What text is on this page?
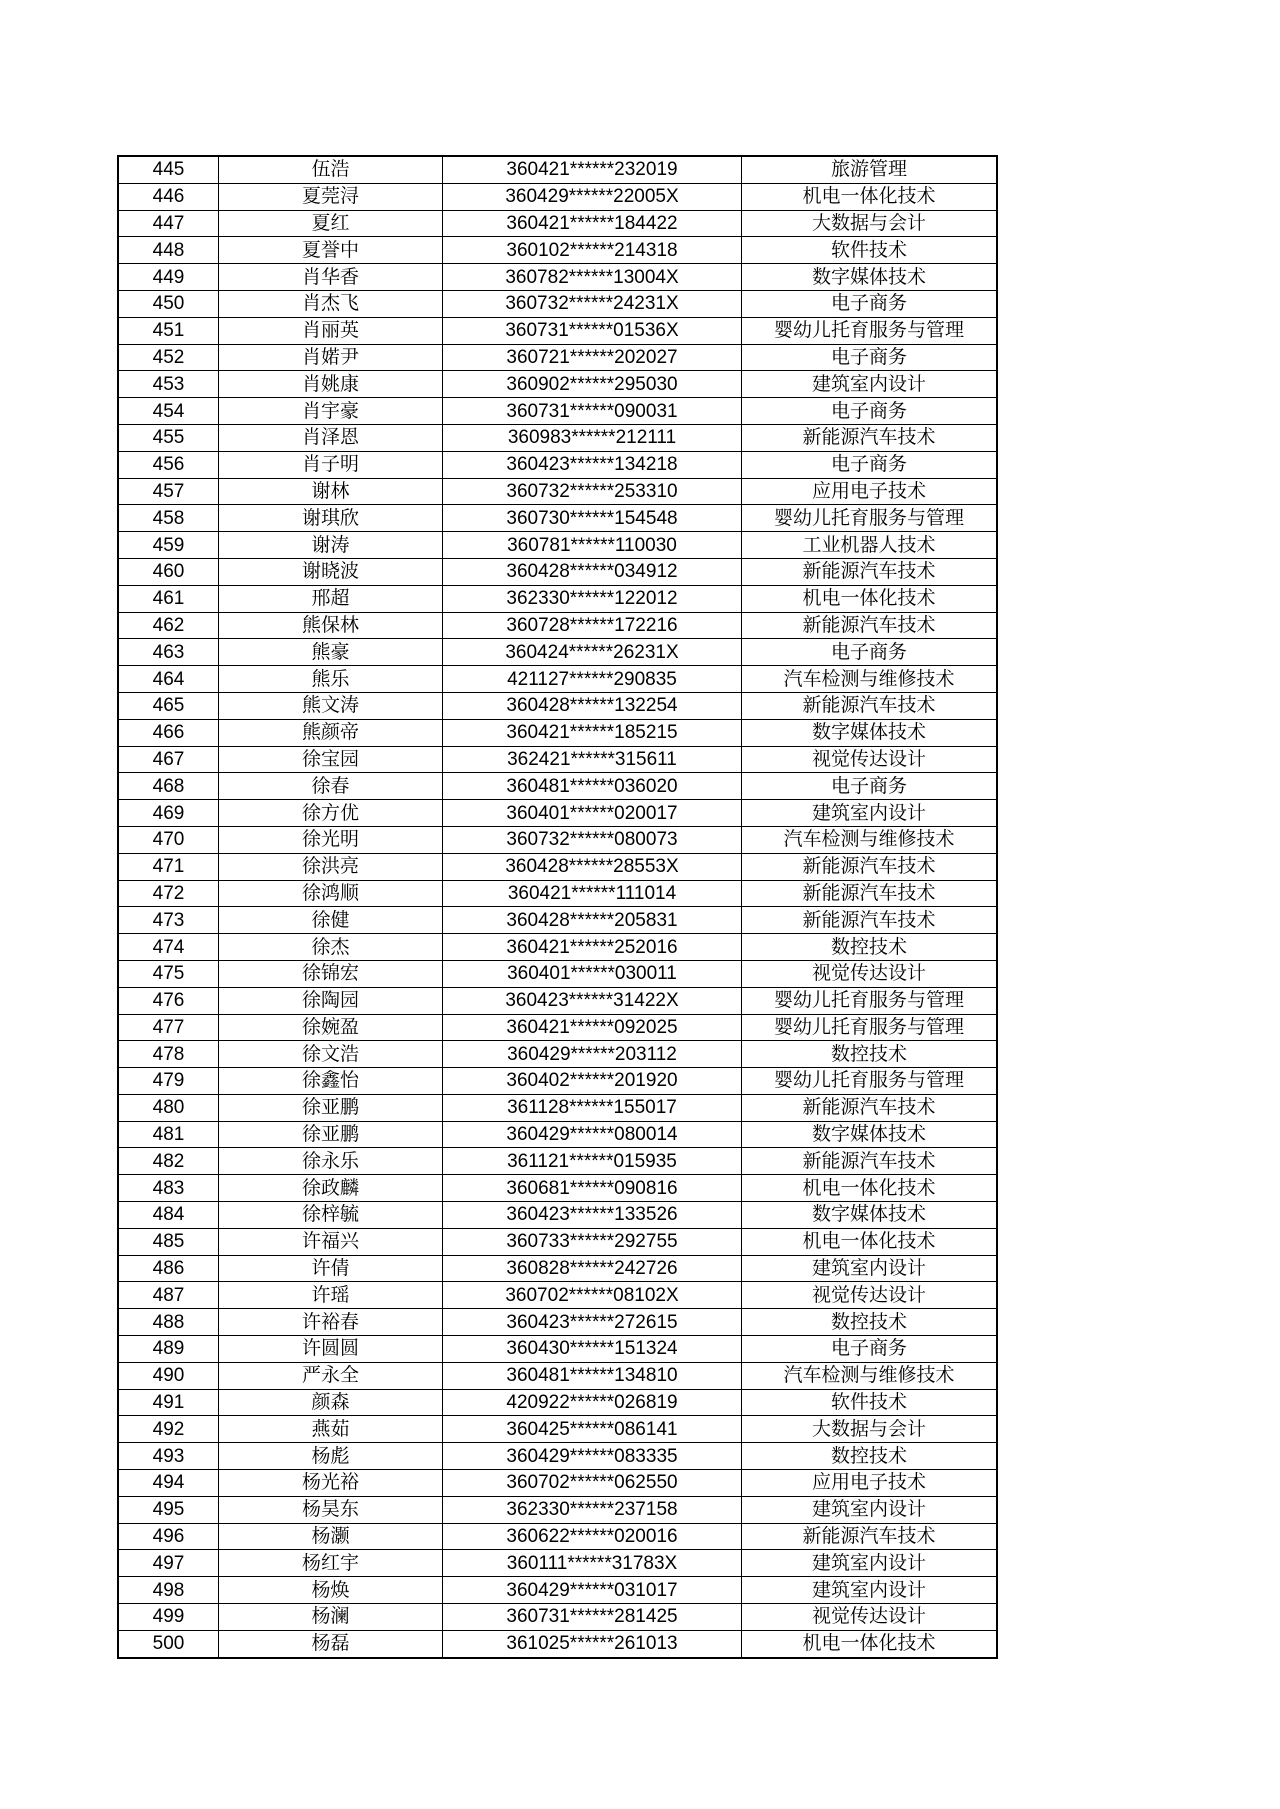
445	伍浩	360421******232019	旅游管理
446	夏莞浔	360429******22005X	机电一体化技术
447	夏红	360421******184422	大数据与会计
448	夏誉中	360102******214318	软件技术
449	肖华香	360782******13004X	数字媒体技术
450	肖杰飞	360732******24231X	电子商务
451	肖丽英	360731******01536X	婴幼儿托育服务与管理
452	肖婼尹	360721******202027	电子商务
453	肖姚康	360902******295030	建筑室内设计
454	肖宇豪	360731******090031	电子商务
455	肖泽恩	360983******212111	新能源汽车技术
456	肖子明	360423******134218	电子商务
457	谢林	360732******253310	应用电子技术
458	谢琪欣	360730******154548	婴幼儿托育服务与管理
459	谢涛	360781******110030	工业机器人技术
460	谢晓波	360428******034912	新能源汽车技术
461	邢超	362330******122012	机电一体化技术
462	熊保林	360728******172216	新能源汽车技术
463	熊豪	360424******26231X	电子商务
464	熊乐	421127******290835	汽车检测与维修技术
465	熊文涛	360428******132254	新能源汽车技术
466	熊颜帝	360421******185215	数字媒体技术
467	徐宝园	362421******315611	视觉传达设计
468	徐春	360481******036020	电子商务
469	徐方优	360401******020017	建筑室内设计
470	徐光明	360732******080073	汽车检测与维修技术
471	徐洪亮	360428******28553X	新能源汽车技术
472	徐鸿顺	360421******111014	新能源汽车技术
473	徐健	360428******205831	新能源汽车技术
474	徐杰	360421******252016	数控技术
475	徐锦宏	360401******030011	视觉传达设计
476	徐陶园	360423******31422X	婴幼儿托育服务与管理
477	徐婉盈	360421******092025	婴幼儿托育服务与管理
478	徐文浩	360429******203112	数控技术
479	徐鑫怡	360402******201920	婴幼儿托育服务与管理
480	徐亚鹏	361128******155017	新能源汽车技术
481	徐亚鹏	360429******080014	数字媒体技术
482	徐永乐	361121******015935	新能源汽车技术
483	徐政麟	360681******090816	机电一体化技术
484	徐梓毓	360423******133526	数字媒体技术
485	许福兴	360733******292755	机电一体化技术
486	许倩	360828******242726	建筑室内设计
487	许瑶	360702******08102X	视觉传达设计
488	许裕春	360423******272615	数控技术
489	许圆圆	360430******151324	电子商务
490	严永全	360481******134810	汽车检测与维修技术
491	颜森	420922******026819	软件技术
492	燕茹	360425******086141	大数据与会计
493	杨彪	360429******083335	数控技术
494	杨光裕	360702******062550	应用电子技术
495	杨昊东	362330******237158	建筑室内设计
496	杨灏	360622******020016	新能源汽车技术
497	杨红宇	360111******31783X	建筑室内设计
498	杨焕	360429******031017	建筑室内设计
499	杨澜	360731******281425	视觉传达设计
500	杨磊	361025******261013	机电一体化技术
